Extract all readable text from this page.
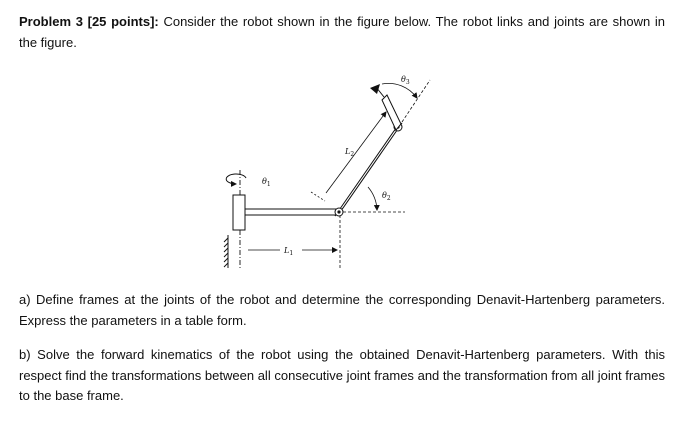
Problem 3 [25 points]: Consider the robot shown in the figure below. The robot links and joints are shown in the figure.

$\theta_1$
$L_1$
$L_2$
$\theta_2$
$\theta_3$

a) Define frames at the joints of the robot and determine the corresponding Denavit-Hartenberg parameters. Express the parameters in a table form.

b) Solve the forward kinematics of the robot using the obtained Denavit-Hartenberg parameters. With this respect find the transformations between all consecutive joint frames and the transformation from all joint frames to the base frame.
